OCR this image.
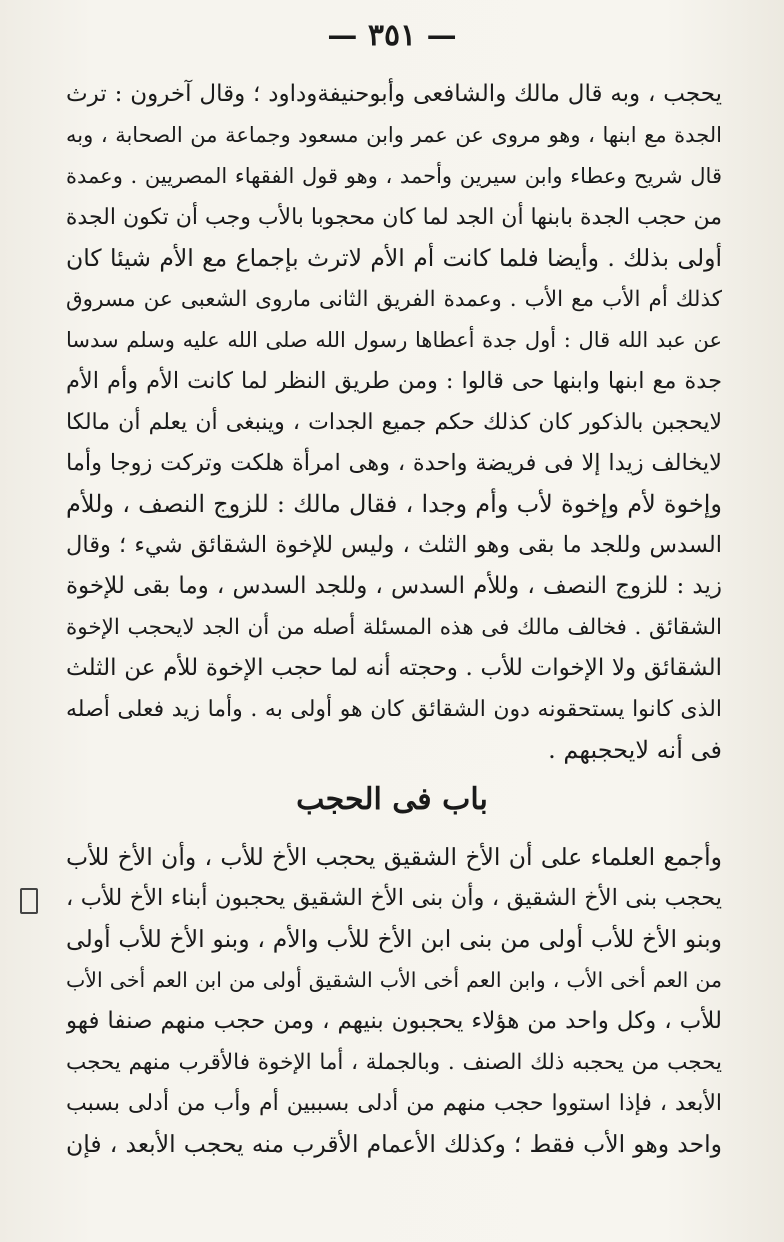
— ٣٥١ —
يحجب ، وبه قال مالك والشافعى وأبوحنيفةوداود ؛ وقال آخرون : ترث
الجدة مع ابنها ، وهو مروى عن عمر وابن مسعود وجماعة من الصحابة ، وبه
قال شريح وعطاء وابن سيرين وأحمد ، وهو قول الفقهاء المصريين . وعمدة
من حجب الجدة بابنها أن الجد لما كان محجوبا بالأب وجب أن تكون الجدة
أولى بذلك . وأيضا فلما كانت أم الأم لاترث بإجماع مع الأم شيئا كان
كذلك أم الأب مع الأب . وعمدة الفريق الثانى ماروى الشعبى عن مسروق
عن عبد الله قال : أول جدة أعطاها رسول الله صلى الله عليه وسلم سدسا
جدة مع ابنها وابنها حى قالوا : ومن طريق النظر لما كانت الأم وأم الأم
لايحجبن بالذكور كان كذلك حكم جميع الجدات ، وينبغى أن يعلم أن مالكا
لايخالف زيدا إلا فى فريضة واحدة ، وهى امرأة هلكت وتركت زوجا وأما
وإخوة لأم وإخوة لأب وأم وجدا ، فقال مالك : للزوج النصف ، وللأم
السدس وللجد ما بقى وهو الثلث ، وليس للإخوة الشقائق شيء ؛ وقال
زيد : للزوج النصف ، وللأم السدس ، وللجد السدس ، وما بقى للإخوة
الشقائق . فخالف مالك فى هذه المسئلة أصله من أن الجد لايحجب الإخوة
الشقائق ولا الإخوات للأب . وحجته أنه لما حجب الإخوة للأم عن الثلث
الذى كانوا يستحقونه دون الشقائق كان هو أولى به . وأما زيد فعلى أصله
فى أنه لايحجبهم .
باب فى الحجب
وأجمع العلماء على أن الأخ الشقيق يحجب الأخ للأب ، وأن الأخ للأب
يحجب بنى الأخ الشقيق ، وأن بنى الأخ الشقيق يحجبون أبناء الأخ للأب ،
وبنو الأخ للأب أولى من بنى ابن الأخ للأب والأم ، وبنو الأخ للأب أولى
من العم أخى الأب ، وابن العم أخى الأب الشقيق أولى من ابن العم أخى الأب
للأب ، وكل واحد من هؤلاء يحجبون بنيهم ، ومن حجب منهم صنفا فهو
يحجب من يحجبه ذلك الصنف . وبالجملة ، أما الإخوة فالأقرب منهم يحجب
الأبعد ، فإذا استووا حجب منهم من أدلى بسببين أم وأب من أدلى بسبب
واحد وهو الأب فقط ؛ وكذلك الأعمام الأقرب منه يحجب الأبعد ، فإن
